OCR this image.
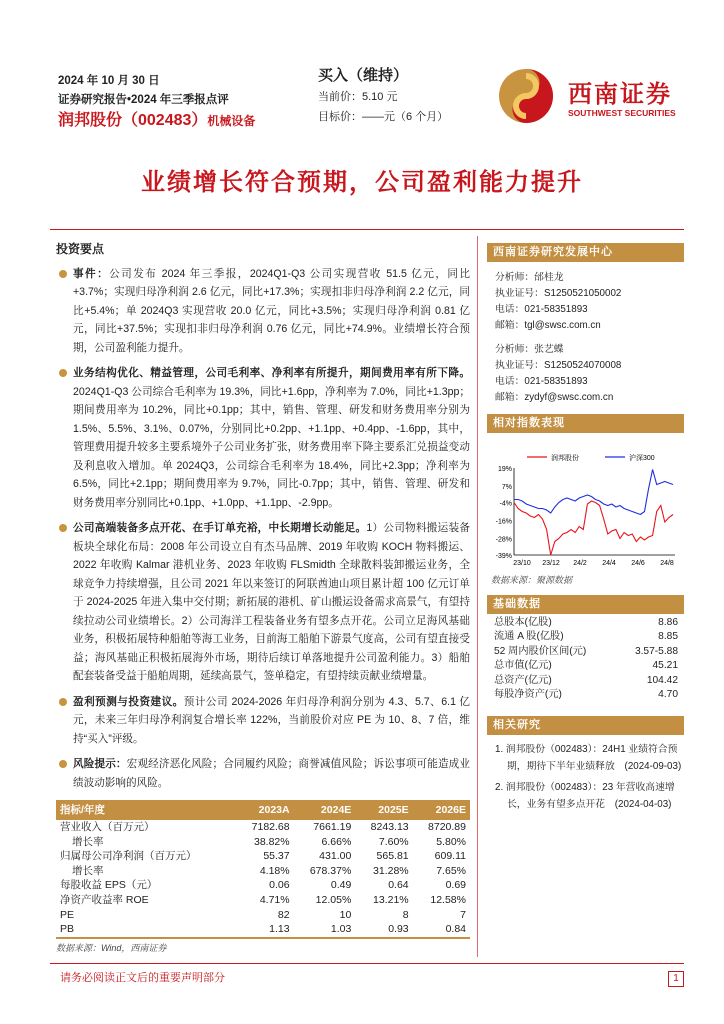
2024 年 10 月 30 日
证券研究报告•2024 年三季报点评
润邦股份（002483）机械设备
买入（维持）
当前价：5.10 元
目标价：——元（6 个月）
西南证券
SOUTHWEST SECURITIES
业绩增长符合预期，公司盈利能力提升
投资要点
事件：公司发布 2024 年三季报，2024Q1-Q3 公司实现营收 51.5 亿元，同比+3.7%；实现归母净利润 2.6 亿元，同比+17.3%；实现扣非归母净利润 2.2 亿元，同比+5.4%；单 2024Q3 实现营收 20.0 亿元，同比+3.5%；实现归母净利润 0.81 亿元，同比+37.5%；实现扣非归母净利润 0.76 亿元，同比+74.9%。业绩增长符合预期，公司盈利能力提升。
业务结构优化、精益管理，公司毛利率、净利率有所提升，期间费用率有所下降。2024Q1-Q3 公司综合毛利率为 19.3%，同比+1.6pp，净利率为 7.0%，同比+1.3pp；期间费用率为 10.2%，同比+0.1pp；其中，销售、管理、研发和财务费用率分别为 1.5%、5.5%、3.1%、0.07%，分别同比+0.2pp、+1.1pp、+0.4pp、-1.6pp，其中，管理费用提升较多主要系境外子公司业务扩张，财务费用率下降主要系汇兑损益变动及利息收入增加。单 2024Q3，公司综合毛利率为 18.4%，同比+2.3pp；净利率为 6.5%，同比+2.1pp；期间费用率为 9.7%，同比-0.7pp；其中，销售、管理、研发和财务费用率分别同比+0.1pp、+1.0pp、+1.1pp、-2.9pp。
公司高端装备多点开花、在手订单充裕，中长期增长动能足。1）公司物料搬运装备板块全球化布局：2008 年公司设立自有杰马品牌、2019 年收购 KOCH 物料搬运、2022 年收购 Kalmar 港机业务、2023 年收购 FLSmidth 全球散料装卸搬运业务，全球竞争力持续增强，且公司 2021 年以来签订的阿联酋迪山项目累计超 100 亿元订单于 2024-2025 年进入集中交付期；新拓展的港机、矿山搬运设备需求高景气，有望持续拉动公司业绩增长。2）公司海洋工程装备业务有望多点开花。公司立足海风基础业务，积极拓展特种船舶等海工业务，目前海工船舶下游景气度高，公司有望直接受益；海风基础正积极拓展海外市场，期待后续订单落地提升公司盈利能力。3）船舶配套装备受益于船舶周期，延续高景气，签单稳定，有望持续贡献业绩增量。
盈利预测与投资建议。预计公司 2024-2026 年归母净利润分别为 4.3、5.7、6.1 亿元，未来三年归母净利润复合增长率 122%，当前股价对应 PE 为 10、8、7 倍，维持“买入”评级。
风险提示：宏观经济恶化风险；合同履约风险；商誉减值风险；诉讼事项可能造成业绩波动影响的风险。
指标/年度	2023A	2024E	2025E	2026E
营业收入（百万元）	7182.68	7661.19	8243.13	8720.89
增长率	38.82%	6.66%	7.60%	5.80%
归属母公司净利润（百万元）	55.37	431.00	565.81	609.11
增长率	4.18%	678.37%	31.28%	7.65%
每股收益 EPS（元）	0.06	0.49	0.64	0.69
净资产收益率 ROE	4.71%	12.05%	13.21%	12.58%
PE	82	10	8	7
PB	1.13	1.03	0.93	0.84
数据来源：Wind，西南证券
西南证券研究发展中心
分析师：邰桂龙
执业证号：S1250521050002
电话：021-58351893
邮箱：tgl@swsc.com.cn
分析师：张艺蝶
执业证号：S1250524070008
电话：021-58351893
邮箱：zydyf@swsc.com.cn
相对指数表现
19%
7%
-4%
-16%
-28%
-39%
23/10 23/12 24/2 24/4 24/6 24/8
润邦股份	沪深300
数据来源：聚源数据
基础数据
总股本(亿股)	8.86
流通 A 股(亿股)	8.85
52 周内股价区间(元)	3.57-5.88
总市值(亿元)	45.21
总资产(亿元)	104.42
每股净资产(元)	4.70
相关研究
1. 润邦股份（002483）：24H1 业绩符合预期，期待下半年业绩释放　(2024-09-03)
2. 润邦股份（002483）：23 年营收高速增长，业务有望多点开花　(2024-04-03)
请务必阅读正文后的重要声明部分	1
